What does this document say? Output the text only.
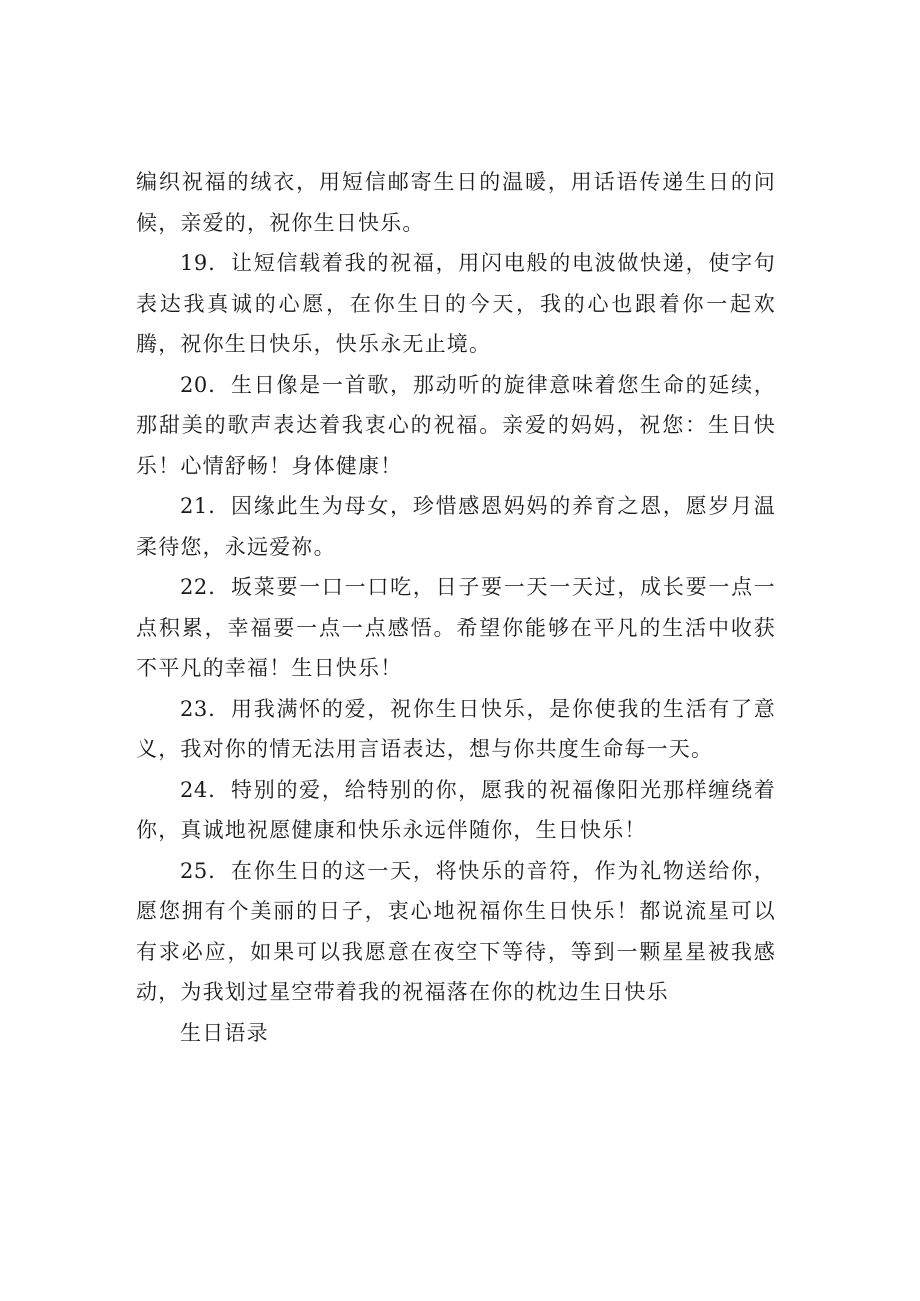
编织祝福的绒衣，用短信邮寄生日的温暖，用话语传递生日的问候，亲爱的，祝你生日快乐。

19．让短信载着我的祝福，用闪电般的电波做快递，使字句表达我真诚的心愿，在你生日的今天，我的心也跟着你一起欢腾，祝你生日快乐，快乐永无止境。

20．生日像是一首歌，那动听的旋律意味着您生命的延续，那甜美的歌声表达着我衷心的祝福。亲爱的妈妈，祝您：生日快乐！心情舒畅！身体健康！

21．因缘此生为母女，珍惜感恩妈妈的养育之恩，愿岁月温柔待您，永远爱祢。

22．坂菜要一口一口吃，日子要一天一天过，成长要一点一点积累，幸福要一点一点感悟。希望你能够在平凡的生活中收获不平凡的幸福！生日快乐！

23．用我满怀的爱，祝你生日快乐，是你使我的生活有了意义，我对你的情无法用言语表达，想与你共度生命每一天。

24．特别的爱，给特别的你，愿我的祝福像阳光那样缠绕着你，真诚地祝愿健康和快乐永远伴随你，生日快乐！

25．在你生日的这一天，将快乐的音符，作为礼物送给你，愿您拥有个美丽的日子，衷心地祝福你生日快乐！都说流星可以有求必应，如果可以我愿意在夜空下等待，等到一颗星星被我感动，为我划过星空带着我的祝福落在你的枕边生日快乐

生日语录
